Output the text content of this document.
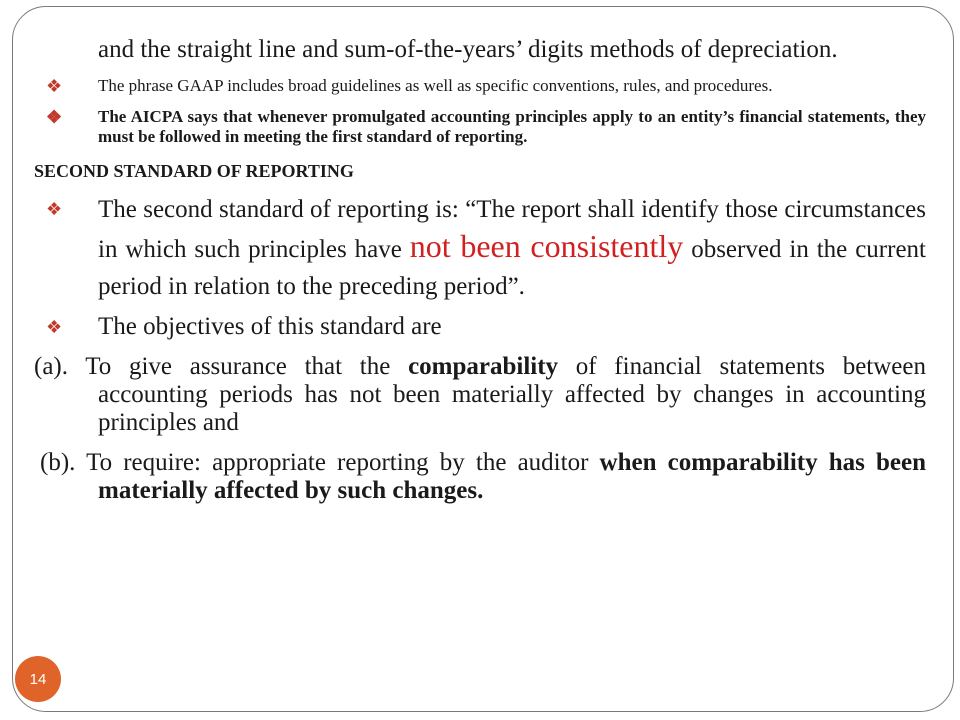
and the straight line and sum-of-the-years’ digits methods of depreciation.

❖ The phrase GAAP includes broad guidelines as well as specific conventions, rules, and procedures.

❖ The AICPA says that whenever promulgated accounting principles apply to an entity’s financial statements, they must be followed in meeting the first standard of reporting.

SECOND STANDARD OF REPORTING

❖ The second standard of reporting is: “The report shall identify those circumstances in which such principles have not been consistently observed in the current period in relation to the preceding period”.

❖ The objectives of this standard are

(a). To give assurance that the comparability of financial statements between accounting periods has not been materially affected by changes in accounting principles and

(b). To require: appropriate reporting by the auditor when comparability has been materially affected by such changes.

14
